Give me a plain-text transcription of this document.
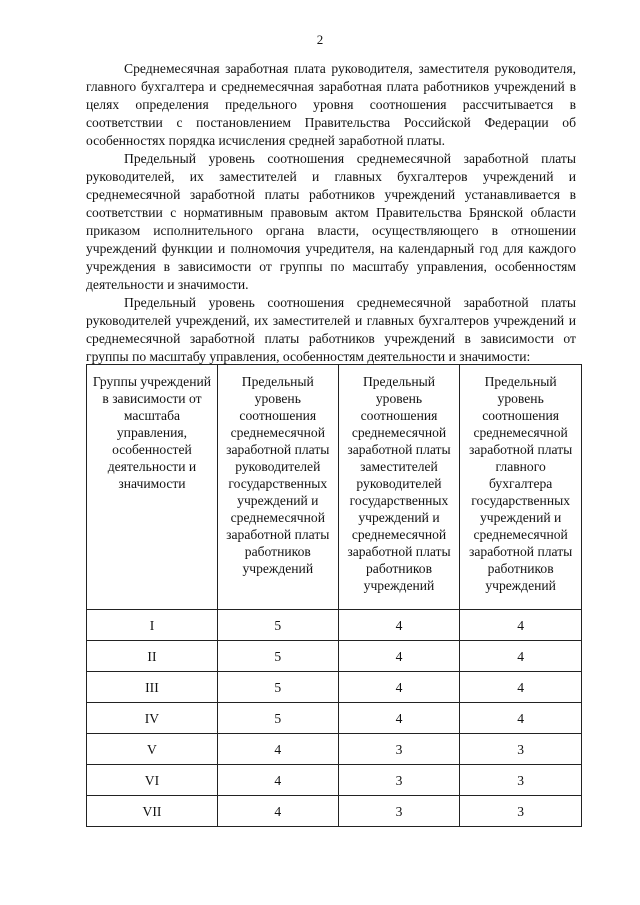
2

Среднемесячная заработная плата руководителя, заместителя руководителя, главного бухгалтера и среднемесячная заработная плата работников учреждений в целях определения предельного уровня соотношения рассчитывается в соответствии с постановлением Правительства Российской Федерации об особенностях порядка исчисления средней заработной платы.

Предельный уровень соотношения среднемесячной заработной платы руководителей, их заместителей и главных бухгалтеров учреждений и среднемесячной заработной платы работников учреждений устанавливается в соответствии с нормативным правовым актом Правительства Брянской области приказом исполнительного органа власти, осуществляющего в отношении учреждений функции и полномочия учредителя, на календарный год для каждого учреждения в зависимости от группы по масштабу управления, особенностям деятельности и значимости.

Предельный уровень соотношения среднемесячной заработной платы руководителей учреждений, их заместителей и главных бухгалтеров учреждений и среднемесячной заработной платы работников учреждений в зависимости от группы по масштабу управления, особенностям деятельности и значимости:

Группы учреждений в зависимости от масштаба управления, особенностей деятельности и значимости	Предельный уровень соотношения среднемесячной заработной платы руководителей государственных учреждений и среднемесячной заработной платы работников учреждений	Предельный уровень соотношения среднемесячной заработной платы заместителей руководителей государственных учреждений и среднемесячной заработной платы работников учреждений	Предельный уровень соотношения среднемесячной заработной платы главного бухгалтера государственных учреждений и среднемесячной заработной платы работников учреждений
I	5	4	4
II	5	4	4
III	5	4	4
IV	5	4	4
V	4	3	3
VI	4	3	3
VII	4	3	3
